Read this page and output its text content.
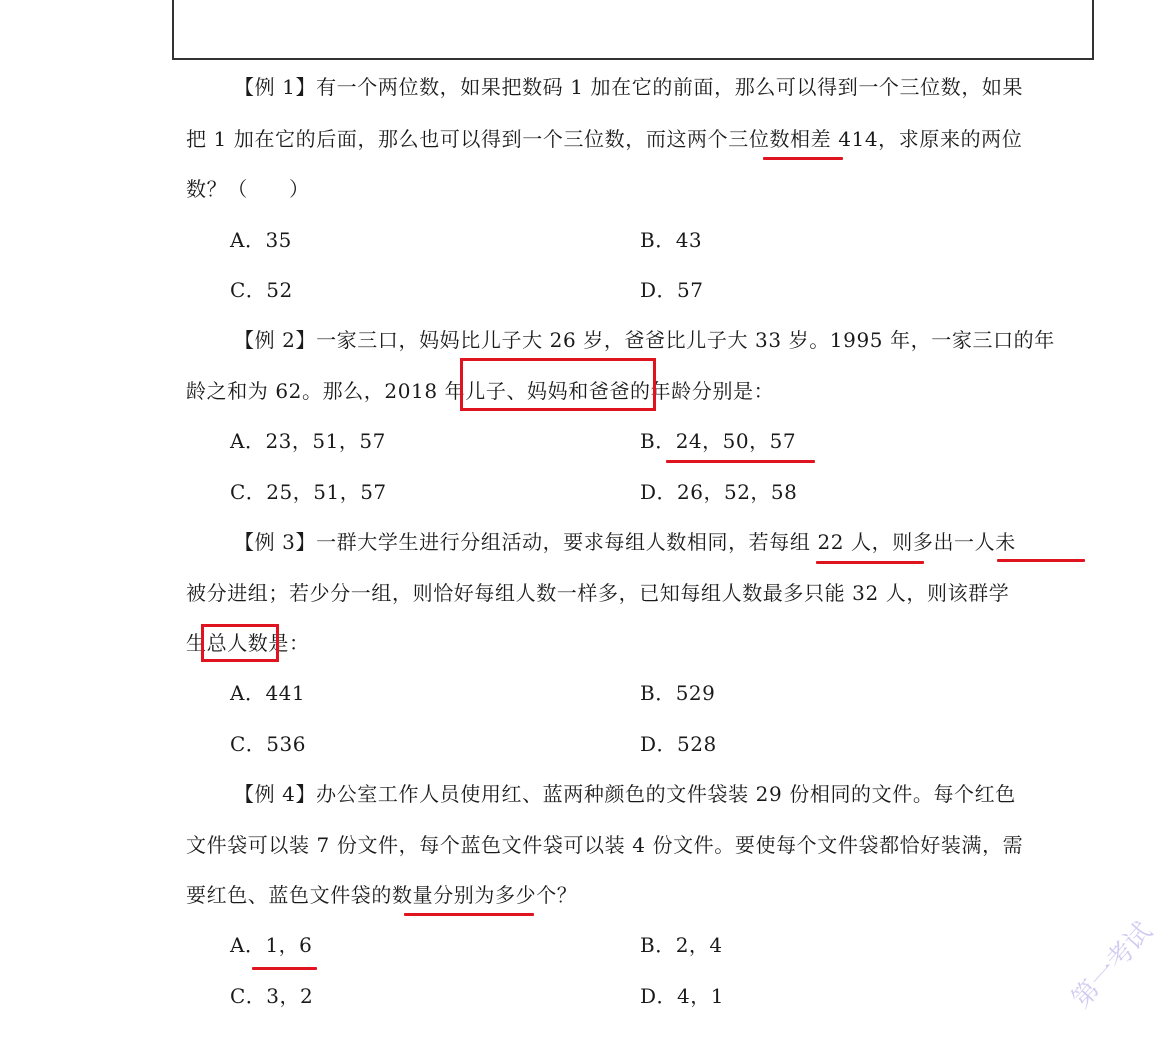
【例 1】有一个两位数，如果把数码 1 加在它的前面，那么可以得到一个三位数，如果
把 1 加在它的后面，那么也可以得到一个三位数，而这两个三位数相差 414，求原来的两位
数？（　　）
A．35	B．43
C．52	D．57
【例 2】一家三口，妈妈比儿子大 26 岁，爸爸比儿子大 33 岁。1995 年，一家三口的年
龄之和为 62。那么，2018 年儿子、妈妈和爸爸的年龄分别是：
A．23，51，57	B．24，50，57
C．25，51，57	D．26，52，58
【例 3】一群大学生进行分组活动，要求每组人数相同，若每组 22 人，则多出一人未
被分进组；若少分一组，则恰好每组人数一样多，已知每组人数最多只能 32 人，则该群学
生总人数是：
A．441	B．529
C．536	D．528
【例 4】办公室工作人员使用红、蓝两种颜色的文件袋装 29 份相同的文件。每个红色
文件袋可以装 7 份文件，每个蓝色文件袋可以装 4 份文件。要使每个文件袋都恰好装满，需
要红色、蓝色文件袋的数量分别为多少个？
A．1，6	B．2，4
C．3，2	D．4，1	第一考试
